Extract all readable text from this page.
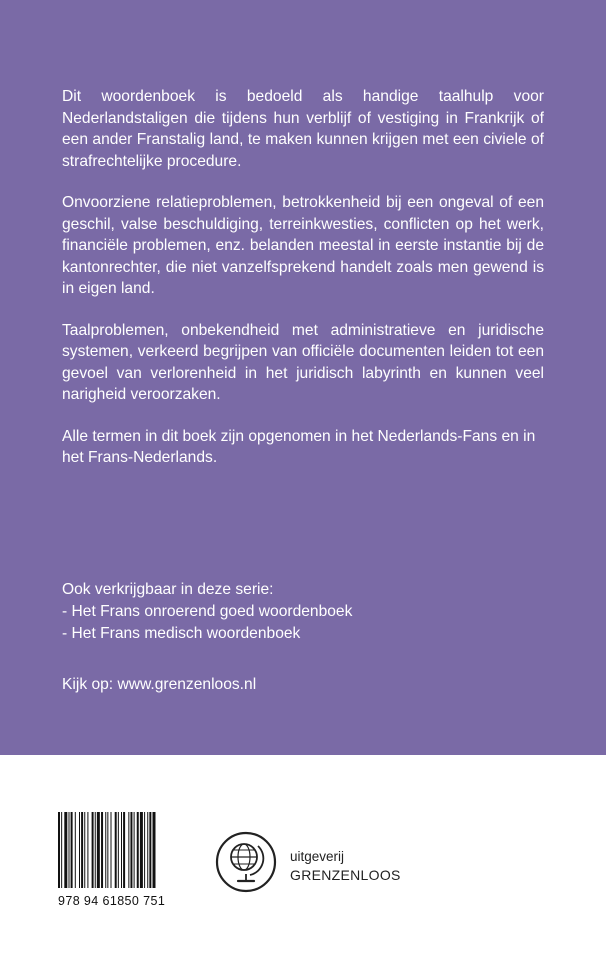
Dit woordenboek is bedoeld als handige taalhulp voor Nederlandstaligen die tijdens hun verblijf of vestiging in Frankrijk of een ander Franstalig land, te maken kunnen krijgen met een civiele of strafrechtelijke procedure.

Onvoorziene relatieproblemen, betrokkenheid bij een ongeval of een geschil, valse beschuldiging, terreinkwesties, conflicten op het werk, financiële problemen, enz. belanden meestal in eerste instantie bij de kantonrechter, die niet vanzelfsprekend handelt zoals men gewend is in eigen land.

Taalproblemen, onbekendheid met administratieve en juridische systemen, verkeerd begrijpen van officiële documenten leiden tot een gevoel van verlorenheid in het juridisch labyrinth en kunnen veel narigheid veroorzaken.

Alle termen in dit boek zijn opgenomen in het Nederlands-Fans en in het Frans-Nederlands.

Ook verkrijgbaar in deze serie:
- Het Frans onroerend goed woordenboek
- Het Frans medisch woordenboek
Kijk op: www.grenzenloos.nl
978 94 61850 751
uitgeverij
GRENZENLOOS
